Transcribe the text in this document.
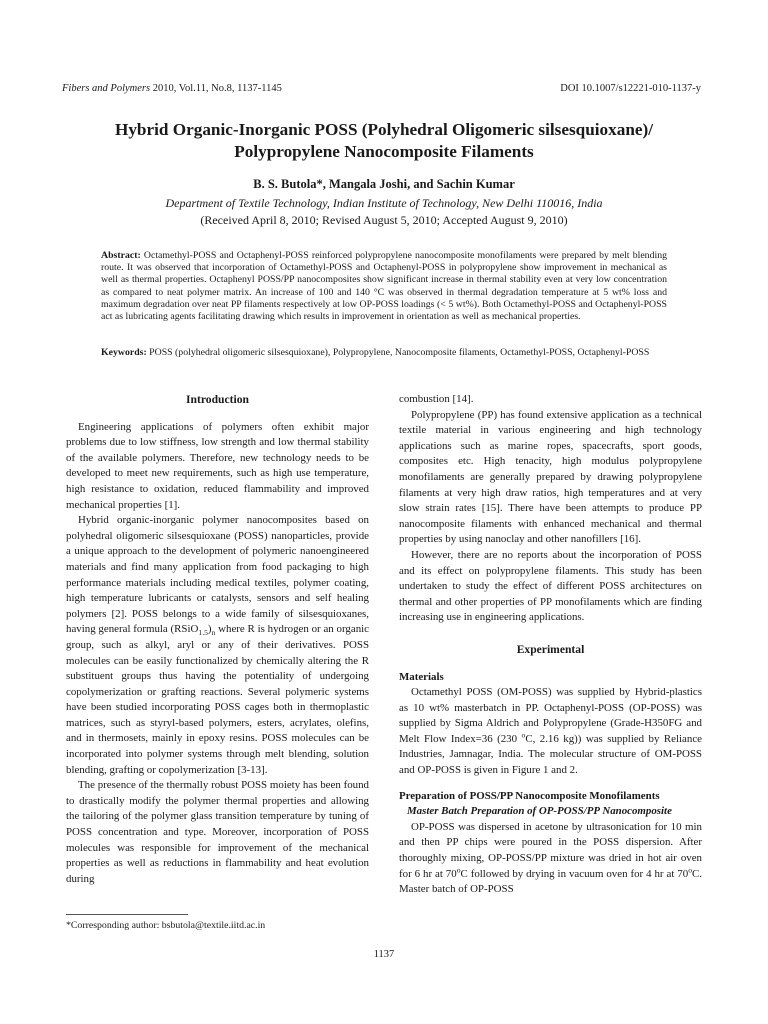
Fibers and Polymers 2010, Vol.11, No.8, 1137-1145	DOI 10.1007/s12221-010-1137-y
Hybrid Organic-Inorganic POSS (Polyhedral Oligomeric silsesquioxane)/
Polypropylene Nanocomposite Filaments
B. S. Butola*, Mangala Joshi, and Sachin Kumar
Department of Textile Technology, Indian Institute of Technology, New Delhi 110016, India
(Received April 8, 2010; Revised August 5, 2010; Accepted August 9, 2010)
Abstract: Octamethyl-POSS and Octaphenyl-POSS reinforced polypropylene nanocomposite monofilaments were prepared by melt blending route. It was observed that incorporation of Octamethyl-POSS and Octaphenyl-POSS in polypropylene show improvement in mechanical as well as thermal properties. Octaphenyl POSS/PP nanocomposites show significant increase in thermal stability even at very low concentration as compared to neat polymer matrix. An increase of 100 and 140 °C was observed in thermal degradation temperature at 5 wt% loss and maximum degradation over neat PP filaments respectively at low OP-POSS loadings (< 5 wt%). Both Octamethyl-POSS and Octaphenyl-POSS act as lubricating agents facilitating drawing which results in improvement in orientation as well as mechanical properties.
Keywords: POSS (polyhedral oligomeric silsesquioxane), Polypropylene, Nanocomposite filaments, Octamethyl-POSS, Octaphenyl-POSS
Introduction

Engineering applications of polymers often exhibit major problems due to low stiffness, low strength and low thermal stability of the available polymers. Therefore, new technology needs to be developed to meet new requirements, such as high use temperature, high resistance to oxidation, reduced flammability and improved mechanical properties [1].

Hybrid organic-inorganic polymer nanocomposites based on polyhedral oligomeric silsesquioxane (POSS) nanoparticles, provide a unique approach to the development of polymeric nanoengineered materials and find many application from food packaging to high performance materials including medical textiles, polymer coating, high temperature lubricants or catalysts, sensors and self healing polymers [2]. POSS belongs to a wide family of silsesquioxanes, having general formula $(RSiO_{1.5})_n$ where R is hydrogen or an organic group, such as alkyl, aryl or any of their derivatives. POSS molecules can be easily functionalized by chemically altering the R substituent groups thus having the potentiality of undergoing copolymerization or grafting reactions. Several polymeric systems have been studied incorporating POSS cages both in thermoplastic matrices, such as styryl-based polymers, esters, acrylates, olefins, and in thermosets, mainly in epoxy resins. POSS molecules can be incorporated into polymer systems through melt blending, solution blending, grafting or copolymerization [3-13].

The presence of the thermally robust POSS moiety has been found to drastically modify the polymer thermal properties and allowing the tailoring of the polymer glass transition temperature by tuning of POSS concentration and type. Moreover, incorporation of POSS molecules was responsible for improvement of the mechanical properties as well as reductions in flammability and heat evolution during

combustion [14].

Polypropylene (PP) has found extensive application as a technical textile material in various engineering and high technology applications such as marine ropes, spacecrafts, sport goods, composites etc. High tenacity, high modulus polypropylene monofilaments are generally prepared by drawing polypropylene filaments at very high draw ratios, high temperatures and at very slow strain rates [15]. There have been attempts to produce PP nanocomposite filaments with enhanced mechanical and thermal properties by using nanoclay and other nanofillers [16].

However, there are no reports about the incorporation of POSS and its effect on polypropylene filaments. This study has been undertaken to study the effect of different POSS architectures on thermal and other properties of PP monofilaments which are finding increasing use in engineering applications.

Experimental
Materials

Octamethyl POSS (OM-POSS) was supplied by Hybrid-plastics as 10 wt% masterbatch in PP. Octaphenyl-POSS (OP-POSS) was supplied by Sigma Aldrich and Polypropylene (Grade-H350FG and Melt Flow Index=36 (230 $^o$C, 2.16 kg)) was supplied by Reliance Industries, Jamnagar, India. The molecular structure of OM-POSS and OP-POSS is given in Figure 1 and 2.

Preparation of POSS/PP Nanocomposite Monofilaments
Master Batch Preparation of OP-POSS/PP Nanocomposite

OP-POSS was dispersed in acetone by ultrasonication for 10 min and then PP chips were poured in the POSS dispersion. After thoroughly mixing, OP-POSS/PP mixture was dried in hot air oven for 6 hr at 70$^o$C followed by drying in vacuum oven for 4 hr at 70$^o$C. Master batch of OP-POSS

*Corresponding author: bsbutola@textile.iitd.ac.in
1137
